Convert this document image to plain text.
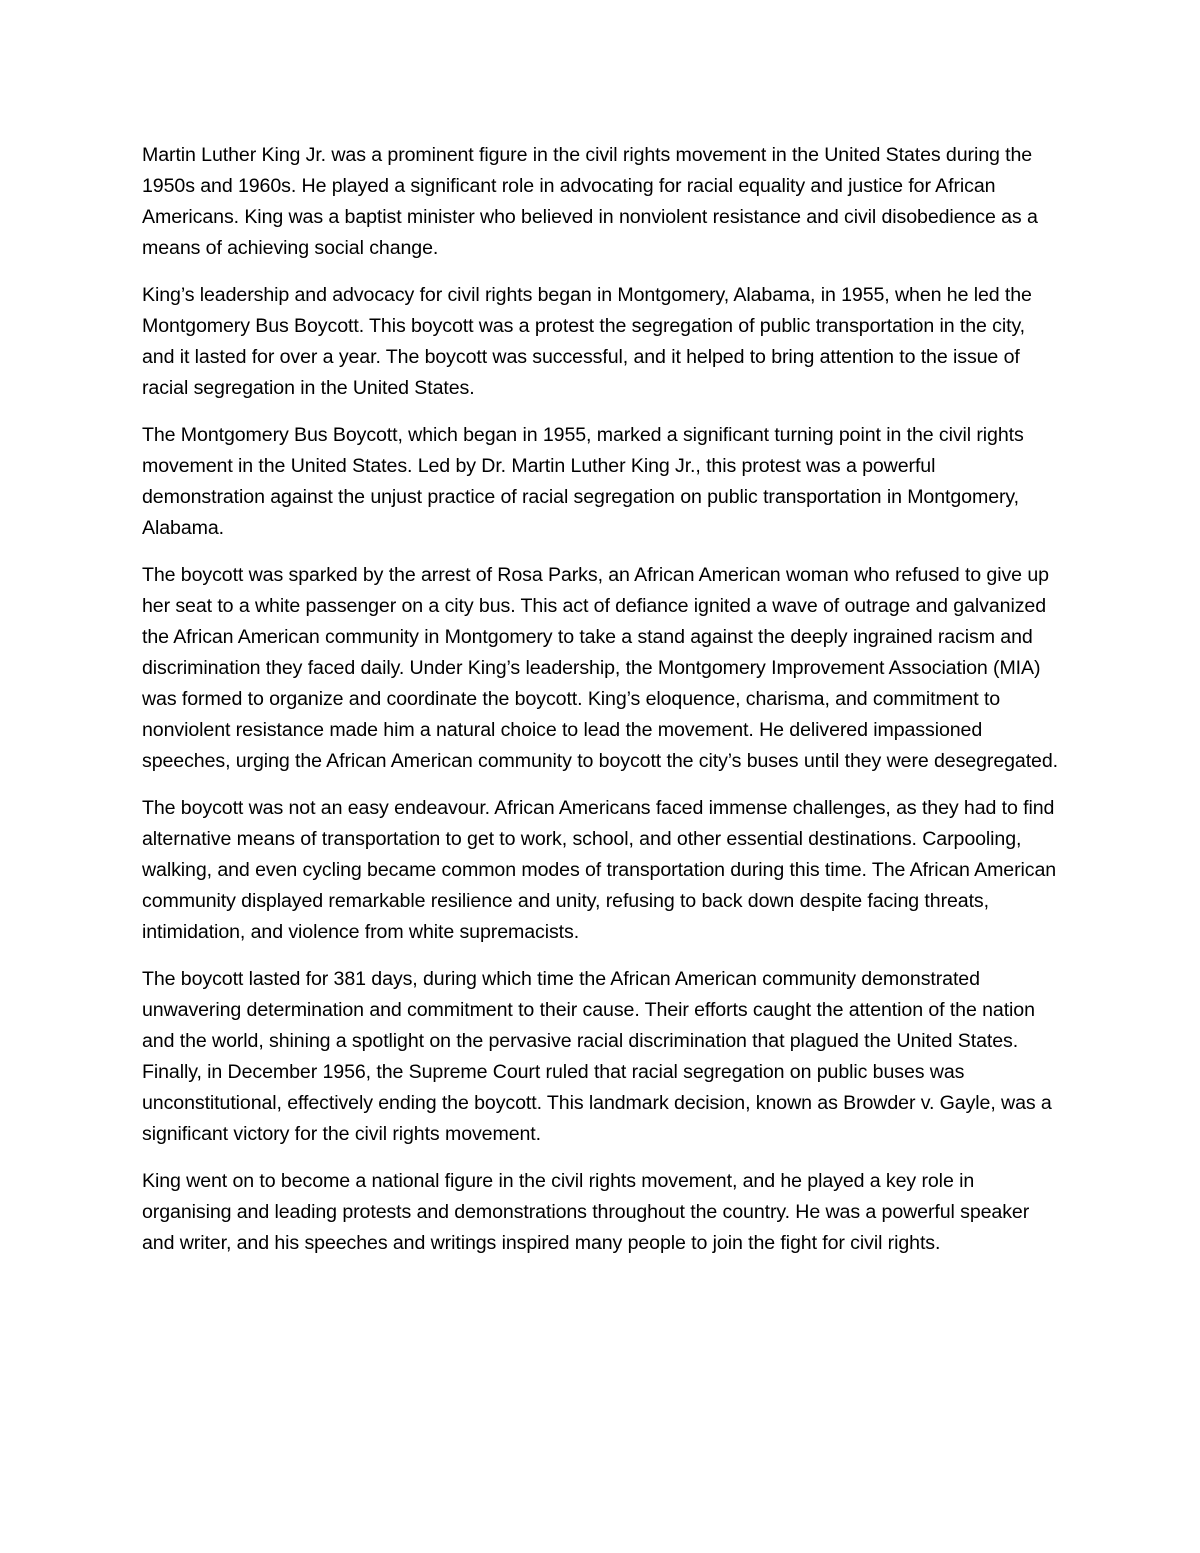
Martin Luther King Jr. was a prominent figure in the civil rights movement in the United States during the 1950s and 1960s. He played a significant role in advocating for racial equality and justice for African Americans. King was a baptist minister who believed in nonviolent resistance and civil disobedience as a means of achieving social change.

King’s leadership and advocacy for civil rights began in Montgomery, Alabama, in 1955, when he led the Montgomery Bus Boycott. This boycott was a protest the segregation of public transportation in the city, and it lasted for over a year. The boycott was successful, and it helped to bring attention to the issue of racial segregation in the United States.

The Montgomery Bus Boycott, which began in 1955, marked a significant turning point in the civil rights movement in the United States. Led by Dr. Martin Luther King Jr., this protest was a powerful demonstration against the unjust practice of racial segregation on public transportation in Montgomery, Alabama.

The boycott was sparked by the arrest of Rosa Parks, an African American woman who refused to give up her seat to a white passenger on a city bus. This act of defiance ignited a wave of outrage and galvanized the African American community in Montgomery to take a stand against the deeply ingrained racism and discrimination they faced daily. Under King’s leadership, the Montgomery Improvement Association (MIA) was formed to organize and coordinate the boycott. King’s eloquence, charisma, and commitment to nonviolent resistance made him a natural choice to lead the movement. He delivered impassioned speeches, urging the African American community to boycott the city’s buses until they were desegregated.

The boycott was not an easy endeavour. African Americans faced immense challenges, as they had to find alternative means of transportation to get to work, school, and other essential destinations. Carpooling, walking, and even cycling became common modes of transportation during this time. The African American community displayed remarkable resilience and unity, refusing to back down despite facing threats, intimidation, and violence from white supremacists.

The boycott lasted for 381 days, during which time the African American community demonstrated unwavering determination and commitment to their cause. Their efforts caught the attention of the nation and the world, shining a spotlight on the pervasive racial discrimination that plagued the United States. Finally, in December 1956, the Supreme Court ruled that racial segregation on public buses was unconstitutional, effectively ending the boycott. This landmark decision, known as Browder v. Gayle, was a significant victory for the civil rights movement.

King went on to become a national figure in the civil rights movement, and he played a key role in organising and leading protests and demonstrations throughout the country. He was a powerful speaker and writer, and his speeches and writings inspired many people to join the fight for civil rights.
